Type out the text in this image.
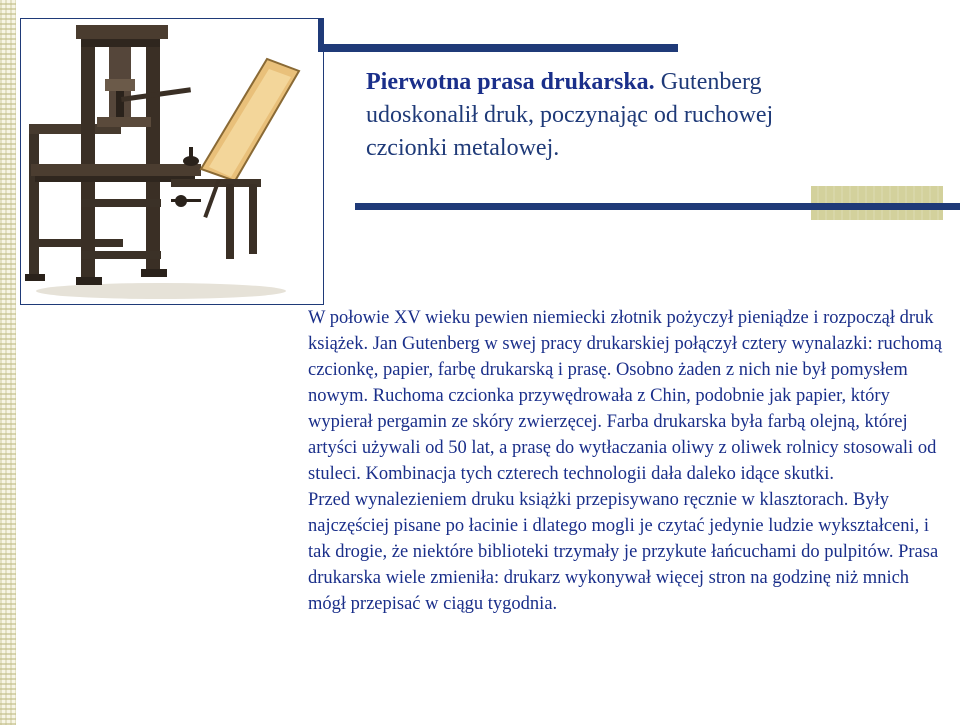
Pierwotna prasa drukarska. Gutenberg udoskonalił druk, poczynając od ruchowej czcionki metalowej.

W połowie XV wieku pewien niemiecki złotnik pożyczył pieniądze i rozpoczął druk książek. Jan Gutenberg w swej pracy drukarskiej połączył cztery wynalazki: ruchomą czcionkę, papier, farbę drukarską i prasę. Osobno żaden z nich nie był pomysłem nowym. Ruchoma czcionka przywędrowała z Chin, podobnie jak papier, który wypierał pergamin ze skóry zwierzęcej. Farba drukarska była farbą olejną, której artyści używali od 50 lat, a prasę do wytłaczania oliwy z oliwek rolnicy stosowali od stuleci. Kombinacja tych czterech technologii dała daleko idące skutki.

Przed wynalezieniem druku książki przepisywano ręcznie w klasztorach. Były najczęściej pisane po łacinie i dlatego mogli je czytać jedynie ludzie wykształceni, i tak drogie, że niektóre biblioteki trzymały je przykute łańcuchami do pulpitów. Prasa drukarska wiele zmieniła: drukarz wykonywał więcej stron na godzinę niż mnich mógł przepisać w ciągu tygodnia.
